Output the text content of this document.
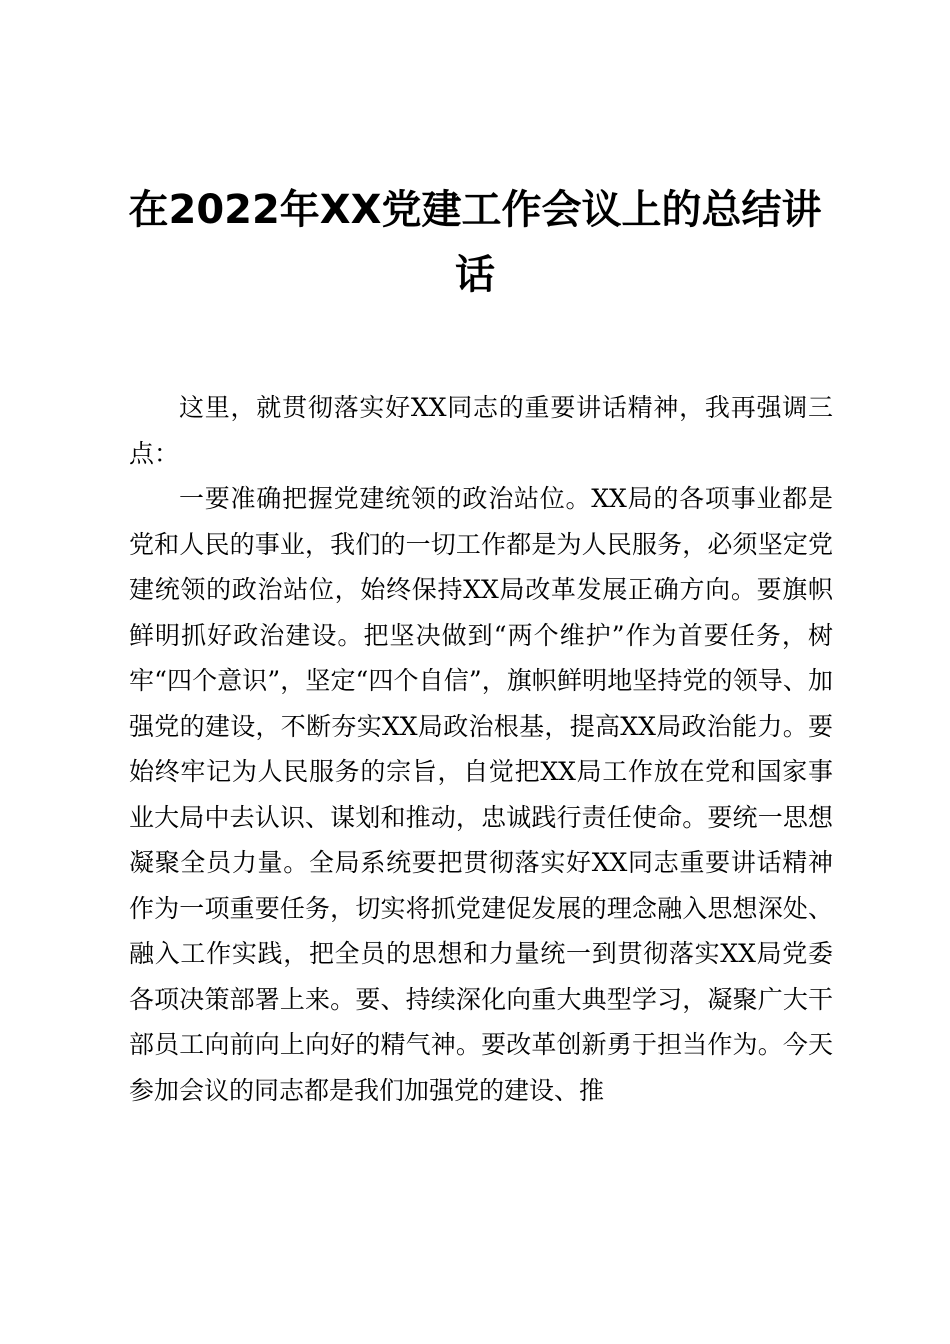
在2022年XX党建工作会议上的总结讲话

这里，就贯彻落实好XX同志的重要讲话精神，我再强调三点：

一要准确把握党建统领的政治站位。XX局的各项事业都是党和人民的事业，我们的一切工作都是为人民服务，必须坚定党建统领的政治站位，始终保持XX局改革发展正确方向。要旗帜鲜明抓好政治建设。把坚决做到“两个维护”作为首要任务，树牢“四个意识”，坚定“四个自信”，旗帜鲜明地坚持党的领导、加强党的建设，不断夯实XX局政治根基，提高XX局政治能力。要始终牢记为人民服务的宗旨，自觉把XX局工作放在党和国家事业大局中去认识、谋划和推动，忠诚践行责任使命。要统一思想凝聚全员力量。全局系统要把贯彻落实好XX同志重要讲话精神作为一项重要任务，切实将抓党建促发展的理念融入思想深处、融入工作实践，把全员的思想和力量统一到贯彻落实XX局党委各项决策部署上来。要、持续深化向重大典型学习，凝聚广大干部员工向前向上向好的精气神。要改革创新勇于担当作为。今天参加会议的同志都是我们加强党的建设、推
